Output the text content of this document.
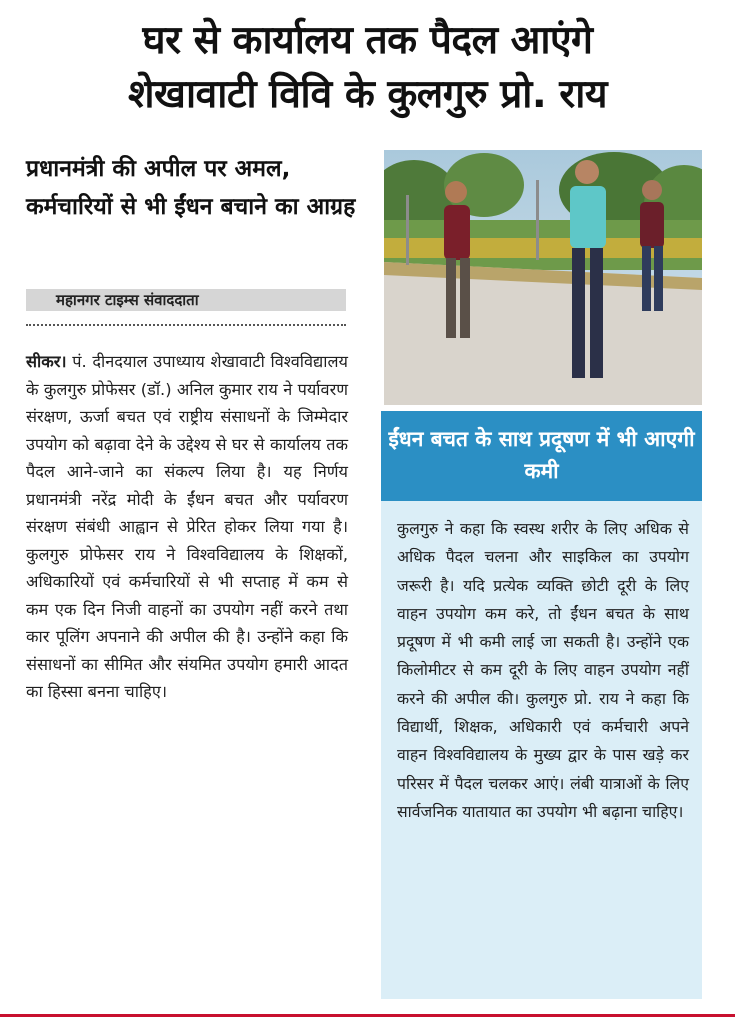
घर से कार्यालय तक पैदल आएंगे
शेखावाटी विवि के कुलगुरु प्रो. राय
प्रधानमंत्री की अपील पर अमल, कर्मचारियों से भी ईंधन बचाने का आग्रह
महानगर टाइम्स संवाददाता
सीकर। पं. दीनदयाल उपाध्याय शेखावाटी विश्वविद्यालय के कुलगुरु प्रोफेसर (डॉ.) अनिल कुमार राय ने पर्यावरण संरक्षण, ऊर्जा बचत एवं राष्ट्रीय संसाधनों के जिम्मेदार उपयोग को बढ़ावा देने के उद्देश्य से घर से कार्यालय तक पैदल आने-जाने का संकल्प लिया है। यह निर्णय प्रधानमंत्री नरेंद्र मोदी के ईंधन बचत और पर्यावरण संरक्षण संबंधी आह्वान से प्रेरित होकर लिया गया है। कुलगुरु प्रोफेसर राय ने विश्वविद्यालय के शिक्षकों, अधिकारियों एवं कर्मचारियों से भी सप्ताह में कम से कम एक दिन निजी वाहनों का उपयोग नहीं करने तथा कार पूलिंग अपनाने की अपील की है। उन्होंने कहा कि संसाधनों का सीमित और संयमित उपयोग हमारी आदत का हिस्सा बनना चाहिए।
ईंधन बचत के साथ प्रदूषण में भी आएगी कमी
कुलगुरु ने कहा कि स्वस्थ शरीर के लिए अधिक से अधिक पैदल चलना और साइकिल का उपयोग जरूरी है। यदि प्रत्येक व्यक्ति छोटी दूरी के लिए वाहन उपयोग कम करे, तो ईंधन बचत के साथ प्रदूषण में भी कमी लाई जा सकती है। उन्होंने एक किलोमीटर से कम दूरी के लिए वाहन उपयोग नहीं करने की अपील की। कुलगुरु प्रो. राय ने कहा कि विद्यार्थी, शिक्षक, अधिकारी एवं कर्मचारी अपने वाहन विश्वविद्यालय के मुख्य द्वार के पास खड़े कर परिसर में पैदल चलकर आएं। लंबी यात्राओं के लिए सार्वजनिक यातायात का उपयोग भी बढ़ाना चाहिए।
